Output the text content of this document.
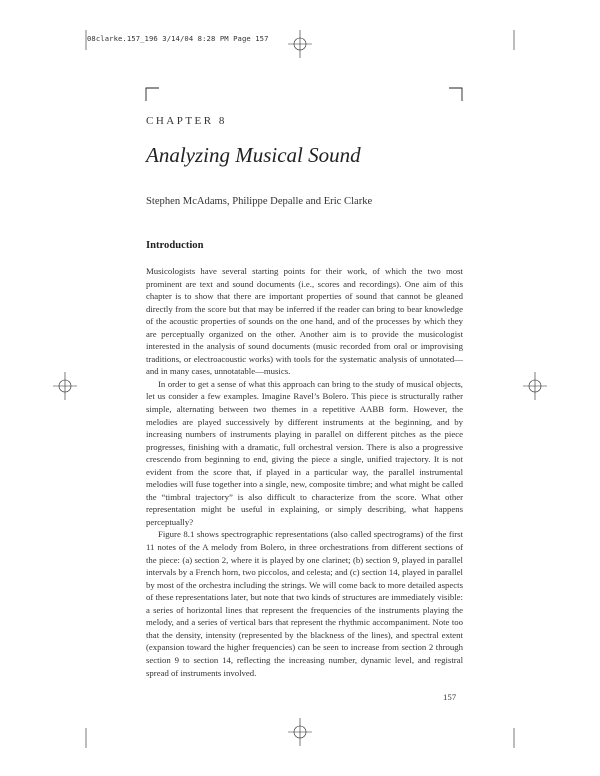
08clarke.157_196 3/14/04 8:28 PM Page 157
CHAPTER 8
Analyzing Musical Sound
Stephen McAdams, Philippe Depalle and Eric Clarke
Introduction

Musicologists have several starting points for their work, of which the two most prominent are text and sound documents (i.e., scores and recordings). One aim of this chapter is to show that there are important properties of sound that cannot be gleaned directly from the score but that may be inferred if the reader can bring to bear knowledge of the acoustic properties of sounds on the one hand, and of the processes by which they are perceptually organized on the other. Another aim is to provide the musicologist interested in the analysis of sound documents (music recorded from oral or improvising traditions, or electroacoustic works) with tools for the systematic analysis of unnotated—and in many cases, unnotatable—musics.

In order to get a sense of what this approach can bring to the study of musical objects, let us consider a few examples. Imagine Ravel’s Bolero. This piece is structurally rather simple, alternating between two themes in a repetitive AABB form. However, the melodies are played successively by different instruments at the beginning, and by increasing numbers of instruments playing in parallel on different pitches as the piece progresses, finishing with a dramatic, full orchestral version. There is also a progressive crescendo from beginning to end, giving the piece a single, unified trajectory. It is not evident from the score that, if played in a particular way, the parallel instrumental melodies will fuse together into a single, new, composite timbre; and what might be called the “timbral trajectory” is also difficult to characterize from the score. What other representation might be useful in explaining, or simply describing, what happens perceptually?

Figure 8.1 shows spectrographic representations (also called spectrograms) of the first 11 notes of the A melody from Bolero, in three orchestrations from different sections of the piece: (a) section 2, where it is played by one clarinet; (b) section 9, played in parallel intervals by a French horn, two piccolos, and celesta; and (c) section 14, played in parallel by most of the orchestra including the strings. We will come back to more detailed aspects of these representations later, but note that two kinds of structures are immediately visible: a series of horizontal lines that represent the frequencies of the instruments playing the melody, and a series of vertical bars that represent the rhythmic accompaniment. Note too that the density, intensity (represented by the blackness of the lines), and spectral extent (expansion toward the higher frequencies) can be seen to increase from section 2 through section 9 to section 14, reflecting the increasing number, dynamic level, and registral spread of instruments involved.

157
